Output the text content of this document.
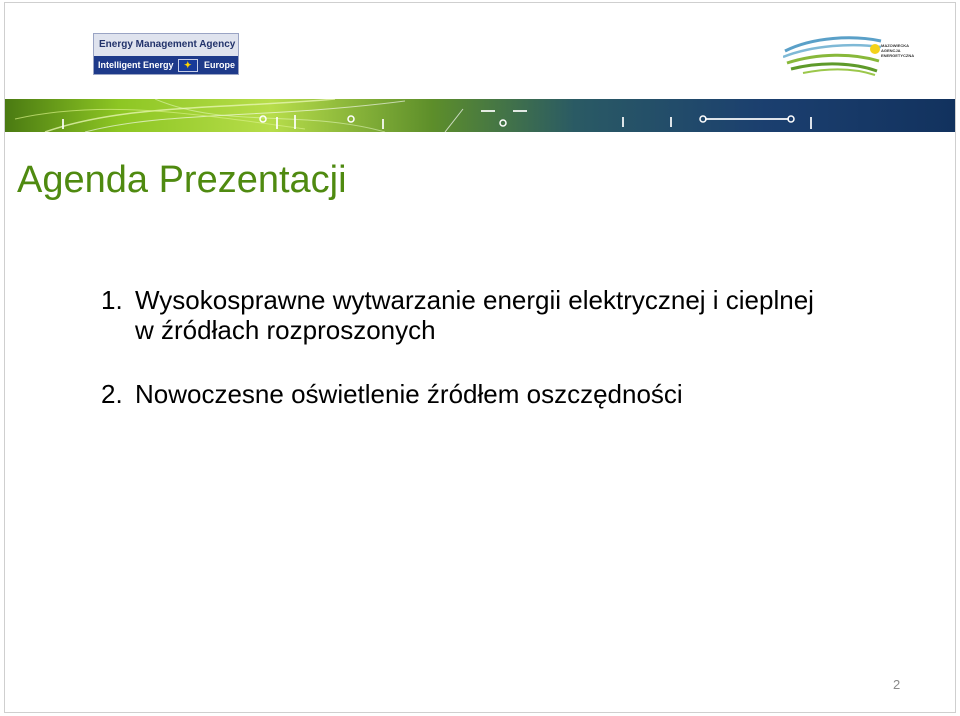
Energy Management Agency
Intelligent Energy ✦ Europe
MAZOWIECKA
AGENCJA
ENERGETYCZNA
Agenda Prezentacji
1. Wysokosprawne wytwarzanie energii elektrycznej i cieplnej w źródłach rozproszonych
2. Nowoczesne oświetlenie źródłem oszczędności
2
